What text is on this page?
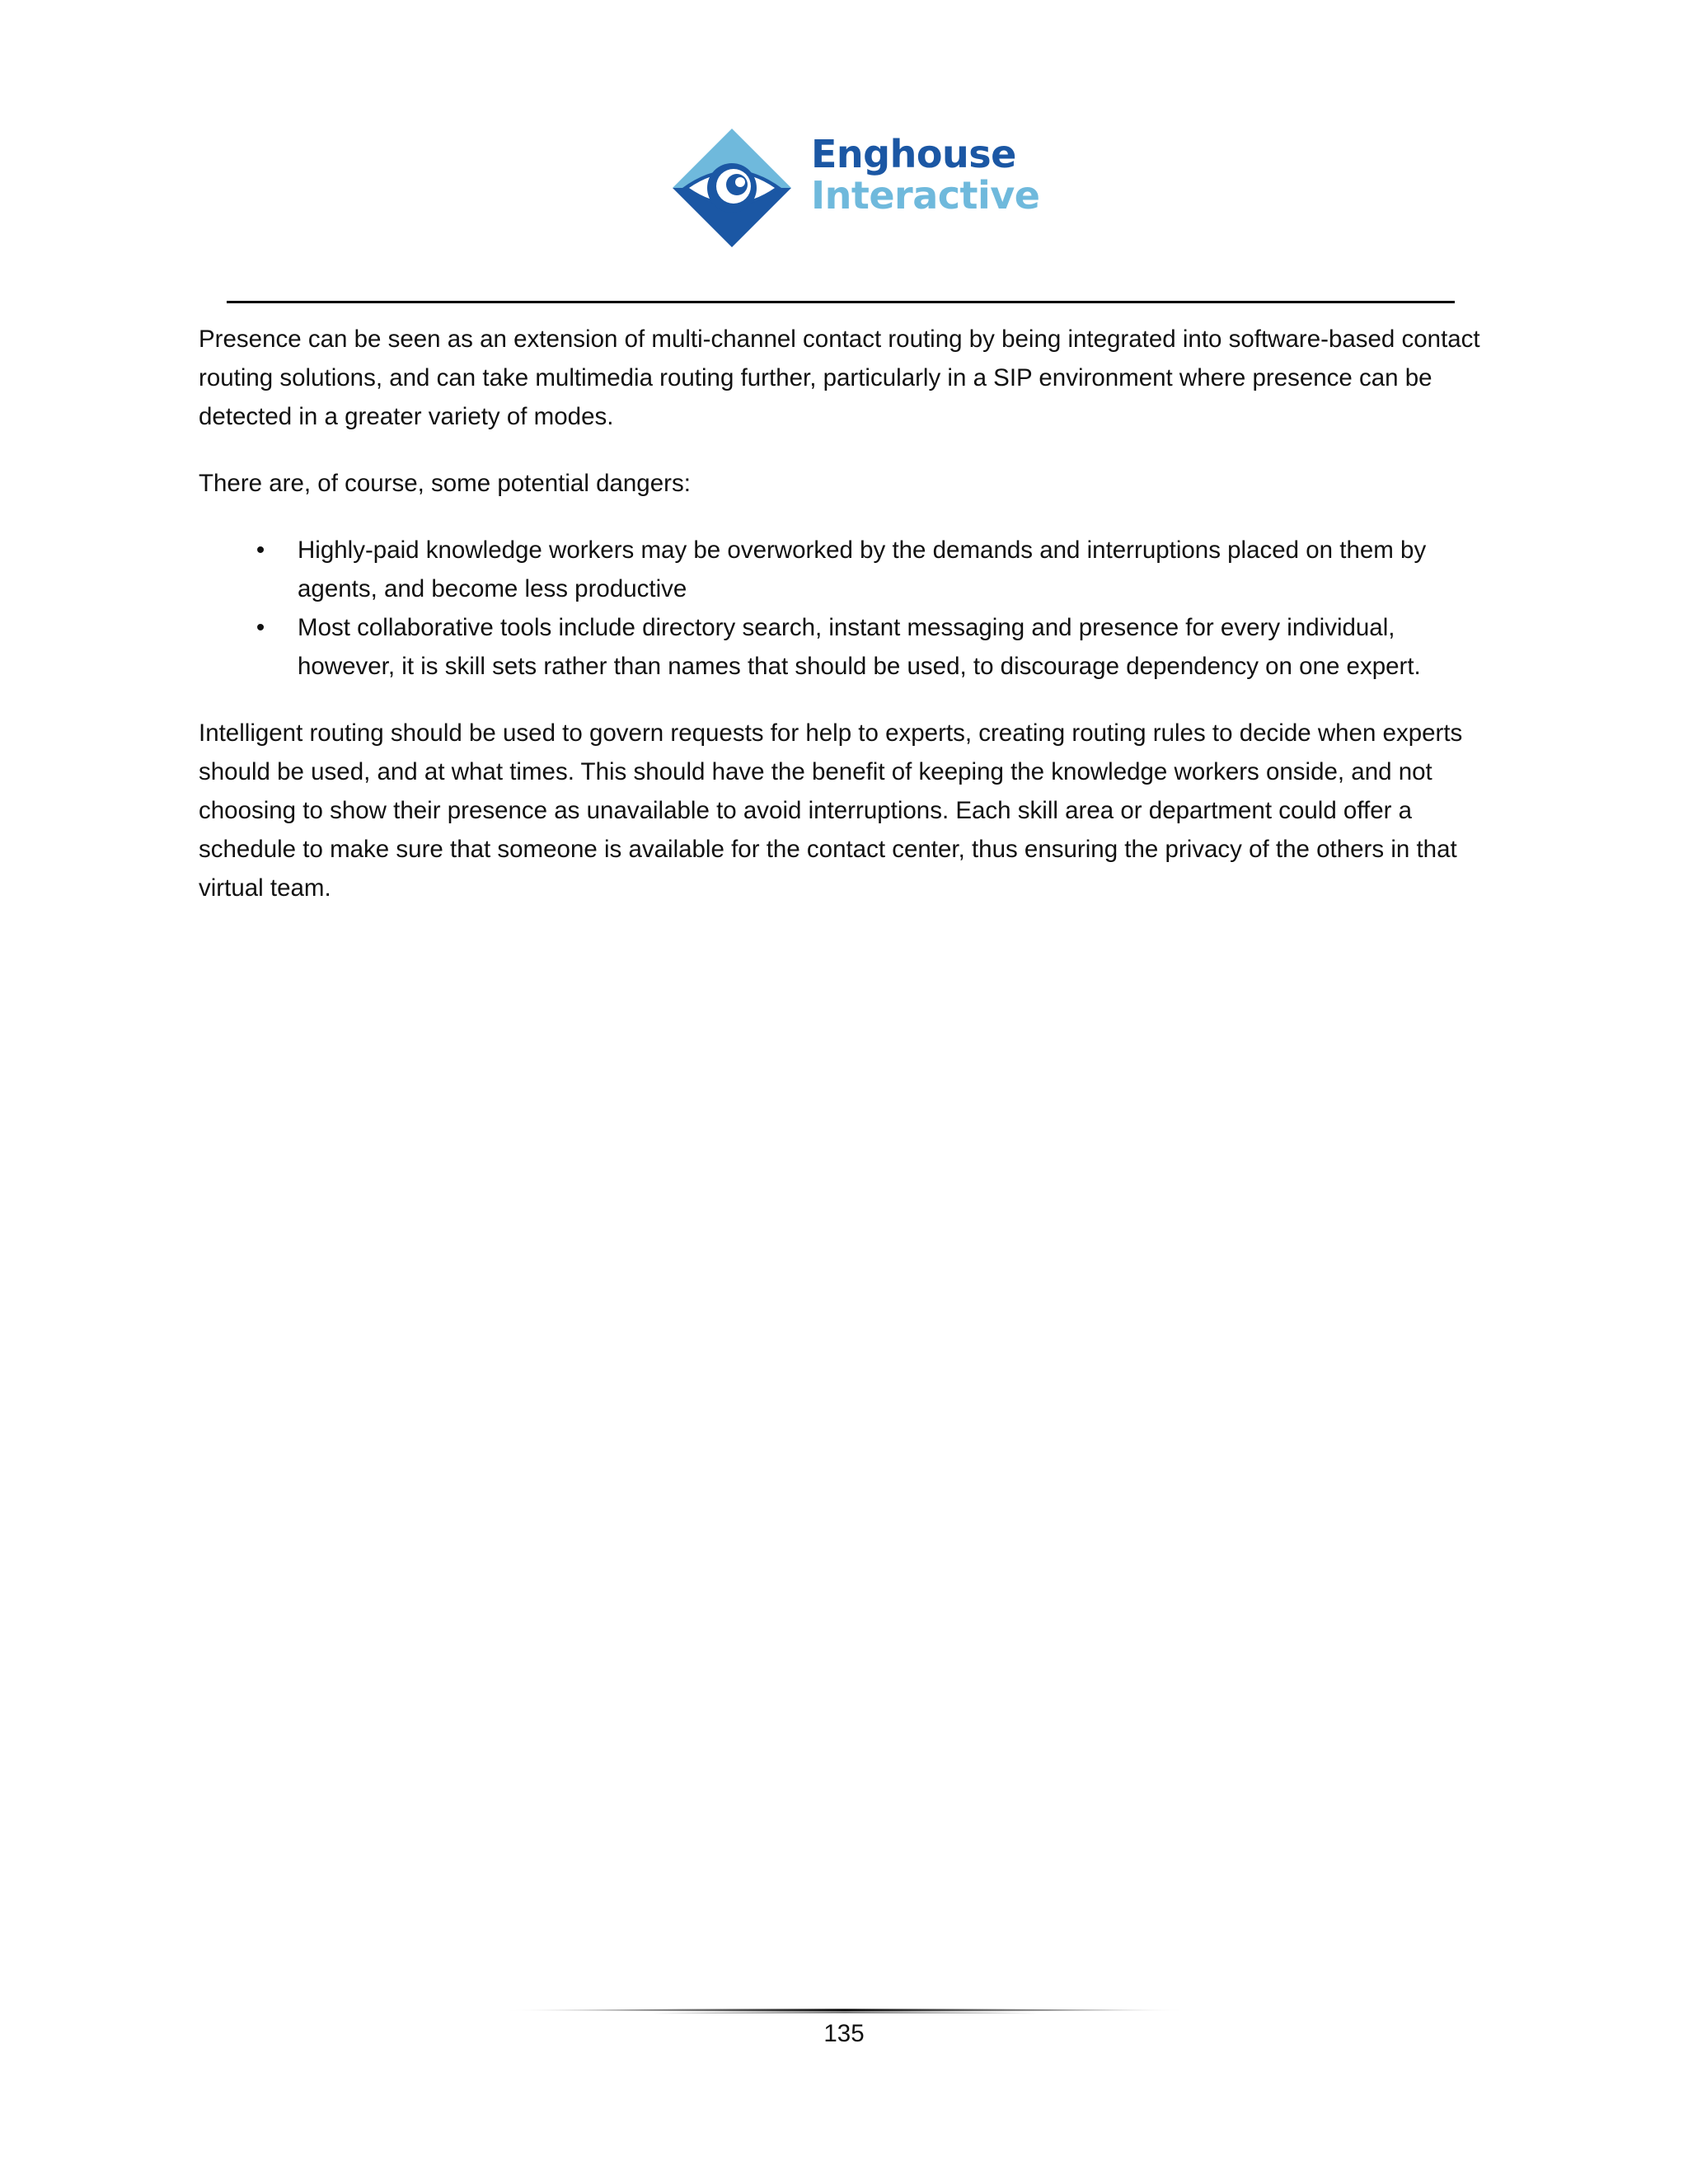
Enghouse
Interactive

Presence can be seen as an extension of multi-channel contact routing by being integrated into software-based contact routing solutions, and can take multimedia routing further, particularly in a SIP environment where presence can be detected in a greater variety of modes.

There are, of course, some potential dangers:

•	Highly-paid knowledge workers may be overworked by the demands and interruptions placed on them by agents, and become less productive
•	Most collaborative tools include directory search, instant messaging and presence for every individual, however, it is skill sets rather than names that should be used, to discourage dependency on one expert.

Intelligent routing should be used to govern requests for help to experts, creating routing rules to decide when experts should be used, and at what times. This should have the benefit of keeping the knowledge workers onside, and not choosing to show their presence as unavailable to avoid interruptions. Each skill area or department could offer a schedule to make sure that someone is available for the contact center, thus ensuring the privacy of the others in that virtual team.

135
